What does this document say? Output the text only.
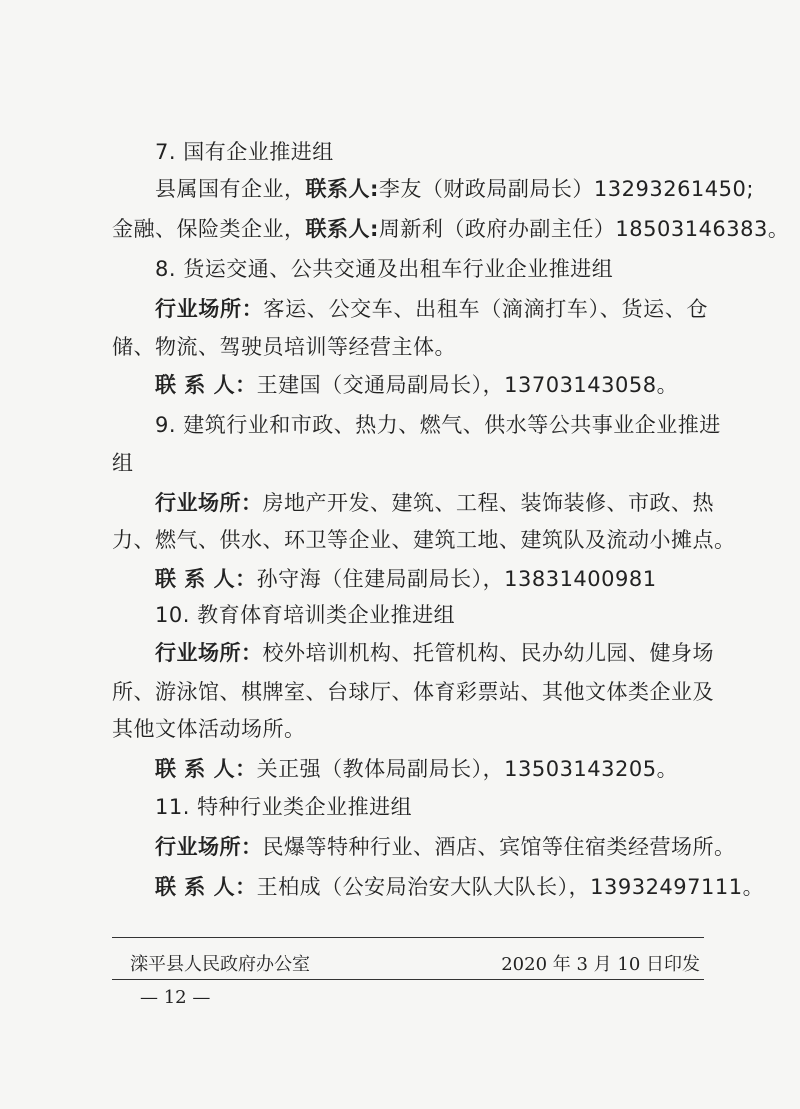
7. 国有企业推进组
县属国有企业，联系人:李友（财政局副局长）13293261450;
金融、保险类企业，联系人:周新利（政府办副主任）18503146383。
8. 货运交通、公共交通及出租车行业企业推进组
行业场所：客运、公交车、出租车（滴滴打车）、货运、仓
储、物流、驾驶员培训等经营主体。
联 系 人：王建国（交通局副局长），13703143058。
9. 建筑行业和市政、热力、燃气、供水等公共事业企业推进
组
行业场所：房地产开发、建筑、工程、装饰装修、市政、热
力、燃气、供水、环卫等企业、建筑工地、建筑队及流动小摊点。
联 系 人：孙守海（住建局副局长），13831400981
10. 教育体育培训类企业推进组
行业场所：校外培训机构、托管机构、民办幼儿园、健身场
所、游泳馆、棋牌室、台球厅、体育彩票站、其他文体类企业及
其他文体活动场所。
联 系 人：关正强（教体局副局长），13503143205。
11. 特种行业类企业推进组
行业场所：民爆等特种行业、酒店、宾馆等住宿类经营场所。
联 系 人：王柏成（公安局治安大队大队长），13932497111。
滦平县人民政府办公室	2020 年 3 月 10 日印发
— 12 —
